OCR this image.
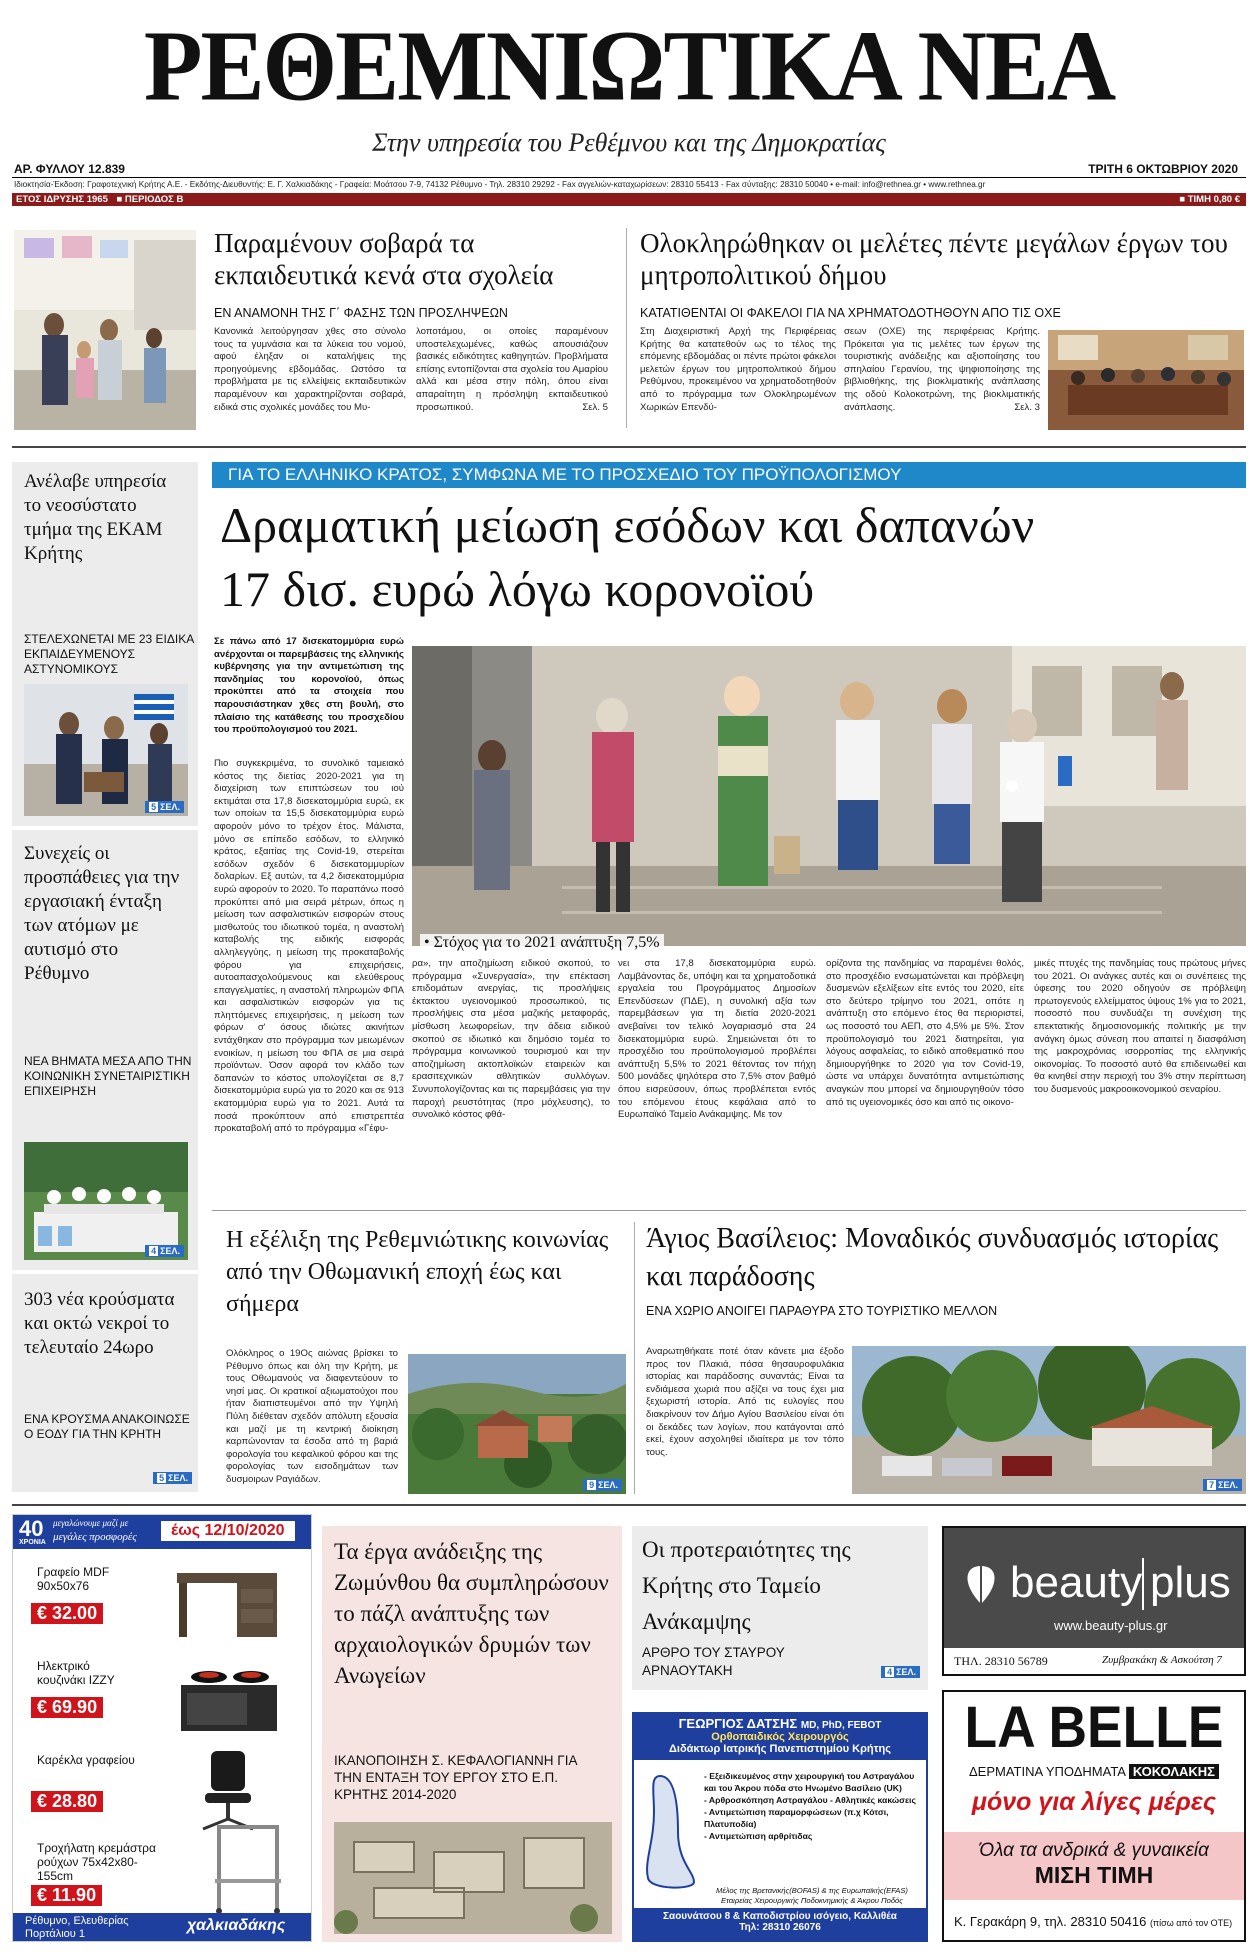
ΡΕΘΕΜΝΙΩΤΙΚΑ ΝΕΑ
Στην υπηρεσία του Ρεθέμνου και της Δημοκρατίας
ΑΡ. ΦΥΛΛΟΥ 12.839	ΤΡΙΤΗ 6 ΟΚΤΩΒΡΙΟΥ 2020
Ιδιοκτησία-Έκδοση: Γραφοτεχνική Κρήτης Α.Ε. - Εκδότης-Διευθυντής: Ε. Γ. Χαλκιαδάκης - Γραφεία: Μοάτσου 7-9, 74132 Ρέθυμνο - Τηλ. 28310 29292 - Fax αγγελιών-καταχωρίσεων: 28310 55413 - Fax σύνταξης: 28310 50040 • e-mail: info@rethnea.gr • www.rethnea.gr
ΕΤΟΣ ΙΔΡΥΣΗΣ 1965 ■ ΠΕΡΙΟΔΟΣ Β	■ ΤΙΜΗ 0,80 €
Παραμένουν σοβαρά τα εκπαιδευτικά κενά στα σχολεία
ΕΝ ΑΝΑΜΟΝΗ ΤΗΣ Γ΄ ΦΑΣΗΣ ΤΩΝ ΠΡΟΣΛΗΨΕΩΝ
Κανονικά λειτούργησαν χθες στο σύνολο τους τα γυμνάσια και τα λύκεια του νομού, αφού έληξαν οι καταλήψεις της προηγούμενης εβδομάδας. Ωστόσο τα προβλήματα με τις ελλείψεις εκπαιδευτικών παραμένουν και χαρακτηρίζονται σοβαρά, ειδικά στις σχολικές μονάδες του Μυ-
λοποτάμου, οι οποίες παραμένουν υποστελεχωμένες, καθώς απουσιάζουν βασικές ειδικότητες καθηγητών. Προβλήματα επίσης εντοπίζονται στα σχολεία του Αμαρίου αλλά και μέσα στην πόλη, όπου είναι απαραίτητη η πρόσληψη εκπαιδευτικού προσωπικού.	Σελ. 5
Ολοκληρώθηκαν οι μελέτες πέντε μεγάλων έργων του μητροπολιτικού δήμου
ΚΑΤΑΤΙΘΕΝΤΑΙ ΟΙ ΦΑΚΕΛΟΙ ΓΙΑ ΝΑ ΧΡΗΜΑΤΟΔΟΤΗΘΟΥΝ ΑΠΟ ΤΙΣ ΟΧΕ
Στη Διαχειριστική Αρχή της Περιφέρειας Κρήτης θα κατατεθούν ως το τέλος της επόμενης εβδομάδας οι πέντε πρώτοι φάκελοι μελετών έργων του μητροπολιτικού δήμου Ρεθύμνου, προκειμένου να χρηματοδοτηθούν από το πρόγραμμα των Ολοκληρωμένων Χωρικών Επενδύ-
σεων (ΟΧΕ) της περιφέρειας Κρήτης. Πρόκειται για τις μελέτες των έργων της τουριστικής ανάδειξης και αξιοποίησης του σπηλαίου Γερανίου, της ψηφιοποίησης της βιβλιοθήκης, της βιοκλιματικής ανάπλασης της οδού Κολοκοτρώνη, της βιοκλιματικής ανάπλασης.	Σελ. 3
Ανέλαβε υπηρεσία το νεοσύστατο τμήμα της ΕΚΑΜ Κρήτης
ΣΤΕΛΕΧΩΝΕΤΑΙ ΜΕ 23 ΕΙΔΙΚΑ ΕΚΠΑΙΔΕΥΜΕΝΟΥΣ ΑΣΤΥΝΟΜΙΚΟΥΣ
5 ΣΕΛ.
Συνεχείς οι προσπάθειες για την εργασιακή ένταξη των ατόμων με αυτισμό στο Ρέθυμνο
ΝΕΑ ΒΗΜΑΤΑ ΜΕΣΑ ΑΠΟ ΤΗΝ ΚΟΙΝΩΝΙΚΗ ΣΥΝΕΤΑΙΡΙΣΤΙΚΗ ΕΠΙΧΕΙΡΗΣΗ
4 ΣΕΛ.
303 νέα κρούσματα και οκτώ νεκροί το τελευταίο 24ωρο
ΕΝΑ ΚΡΟΥΣΜΑ ΑΝΑΚΟΙΝΩΣΕ Ο ΕΟΔΥ ΓΙΑ ΤΗΝ ΚΡΗΤΗ
5 ΣΕΛ.
ΓΙΑ ΤΟ ΕΛΛΗΝΙΚΟ ΚΡΑΤΟΣ, ΣΥΜΦΩΝΑ ΜΕ ΤΟ ΠΡΟΣΧΕΔΙΟ ΤΟΥ ΠΡΟΫΠΟΛΟΓΙΣΜΟΥ
Δραματική μείωση εσόδων και δαπανών
17 δισ. ευρώ λόγω κορονοϊού
Σε πάνω από 17 δισεκατομμύρια ευρώ ανέρχονται οι παρεμβάσεις της ελληνικής κυβέρνησης για την αντιμετώπιση της πανδημίας του κορονοϊού, όπως προκύπτει από τα στοιχεία που παρουσιάστηκαν χθες στη βουλή, στο πλαίσιο της κατάθεσης του προσχεδίου του προϋπολογισμού του 2021.
Πιο συγκεκριμένα, το συνολικό ταμειακό κόστος της διετίας 2020-2021 για τη διαχείριση των επιπτώσεων του ιού εκτιμάται στα 17,8 δισεκατομμύρια ευρώ, εκ των οποίων τα 15,5 δισεκατομμύρια ευρώ αφορούν μόνο το τρέχον έτος. Μάλιστα, μόνο σε επίπεδο εσόδων, το ελληνικό κράτος, εξαιτίας της Covid-19, στερείται εσόδων σχεδόν 6 δισεκατομμυρίων δολαρίων. Εξ αυτών, τα 4,2 δισεκατομμύρια ευρώ αφορούν το 2020. Το παραπάνω ποσό προκύπτει από μια σειρά μέτρων, όπως η μείωση των ασφαλιστικών εισφορών στους μισθωτούς του ιδιωτικού τομέα, η αναστολή καταβολής της ειδικής εισφοράς αλληλεγγύης, η μείωση της προκαταβολής φόρου για επιχειρήσεις, αυτοαπασχολούμενους και ελεύθερους επαγγελματίες, η αναστολή πληρωμών ΦΠΑ και ασφαλιστικών εισφορών για τις πληττόμενες επιχειρήσεις, η μείωση των φόρων σ' όσους ιδιώτες ακινήτων εντάχθηκαν στο πρόγραμμα των μειωμένων ενοικίων, η μείωση του ΦΠΑ σε μια σειρά προϊόντων. Όσον αφορά τον κλάδο των δαπανών το κόστος υπολογίζεται σε 8,7 δισεκατομμύρια ευρώ για το 2020 και σε 913 εκατομμύρια ευρώ για το 2021. Αυτά τα ποσά προκύπτουν από επιστρεπτέα προκαταβολή από το πρόγραμμα «Γέφυ-
• Στόχος για το 2021 ανάπτυξη 7,5%
ρα», την αποζημίωση ειδικού σκοπού, το πρόγραμμα «Συνεργασία», την επέκταση επιδομάτων ανεργίας, τις προσλήψεις έκτακτου υγειονομικού προσωπικού, τις προσλήψεις στα μέσα μαζικής μεταφοράς, μίσθωση λεωφορείων, την άδεια ειδικού σκοπού σε ιδιωτικό και δημόσιο τομέα το πρόγραμμα κοινωνικού τουρισμού και την αποζημίωση ακτοπλοϊκών εταιρειών και ερασιτεχνικών αθλητικών συλλόγων. Συνυπολογίζοντας και τις παρεμβάσεις για την παροχή ρευστότητας (προ μόχλευσης), το συνολικό κόστος φθά-
νει στα 17,8 δισεκατομμύρια ευρώ. Λαμβάνοντας δε, υπόψη και τα χρηματοδοτικά εργαλεία του Προγράμματος Δημοσίων Επενδύσεων (ΠΔΕ), η συνολική αξία των παρεμβάσεων για τη διετία 2020-2021 ανεβαίνει τον τελικό λογαριασμό στα 24 δισεκατομμύρια ευρώ. Σημειώνεται ότι το προσχέδιο του προϋπολογισμού προβλέπει ανάπτυξη 5,5% το 2021 θέτοντας τον πήχη 500 μονάδες ψηλότερα στο 7,5% στον βαθμό όπου εισρεύσουν, όπως προβλέπεται εντός του επόμενου έτους κεφάλαια από το Ευρωπαϊκό Ταμείο Ανάκαμψης. Με τον
ορίζοντα της πανδημίας να παραμένει θολός, στο προσχέδιο ενσωματώνεται και πρόβλεψη δυσμενών εξελίξεων είτε εντός του 2020, είτε στο δεύτερο τρίμηνο του 2021, οπότε η ανάπτυξη στο επόμενο έτος θα περιοριστεί, ως ποσοστό του ΑΕΠ, στο 4,5% με 5%. Στον προϋπολογισμό του 2021 διατηρείται, για λόγους ασφαλείας, το ειδικό αποθεματικό που δημιουργήθηκε το 2020 για τον Covid-19, ώστε να υπάρχει δυνατότητα αντιμετώπισης αναγκών που μπορεί να δημιουργηθούν τόσο από τις υγειονομικές όσο και από τις οικονο-
μικές πτυχές της πανδημίας τους πρώτους μήνες του 2021. Οι ανάγκες αυτές και οι συνέπειες της ύφεσης του 2020 οδηγούν σε πρόβλεψη πρωτογενούς ελλείμματος ύψους 1% για το 2021, ποσοστό που συνδυάζει τη συνέχιση της επεκτατικής δημοσιονομικής πολιτικής με την ανάγκη όμως σύνεση που απαιτεί η διασφάλιση της μακροχρόνιας ισορροπίας της ελληνικής οικονομίας. Το ποσοστό αυτό θα επιδεινωθεί και θα κινηθεί στην περιοχή του 3% στην περίπτωση του δυσμενούς μακροοικονομικού σεναρίου.
Η εξέλιξη της Ρεθεμνιώτικης κοινωνίας από την Οθωμανική εποχή έως και σήμερα
Ολόκληρος ο 19Ος αιώνας βρίσκει το Ρέθυμνο όπως και όλη την Κρήτη, με τους Οθωμανούς να διαφεντεύουν το νησί μας. Οι κρατικοί αξιωματούχοι που ήταν διαπιστευμένοι από την Υψηλή Πύλη διέθεταν σχεδόν απόλυτη εξουσία και μαζί με τη κεντρική διοίκηση καρπώνονταν τα έσοδα από τη βαριά φορολογία του κεφαλικού φόρου και της φορολογίας των εισοδημάτων των δυσμοιρων Ραγιάδων.
9 ΣΕΛ.
Άγιος Βασίλειος: Μοναδικός συνδυασμός ιστορίας και παράδοσης
ΕΝΑ ΧΩΡΙΟ ΑΝΟΙΓΕΙ ΠΑΡΑΘΥΡΑ ΣΤΟ ΤΟΥΡΙΣΤΙΚΟ ΜΕΛΛΟΝ
Αναρωτηθήκατε ποτέ όταν κάνετε μια έξοδο προς τον Πλακιά, πόσα θησαυροφυλάκια ιστορίας και παράδοσης συναντάς; Είναι τα ενδιάμεσα χωριά που αξίζει να τους έχει μια ξεχωριστή ιστορία. Από τις ευλογίες που διακρίνουν τον Δήμο Αγίου Βασιλείου είναι ότι οι δεκάδες των λογίων, που κατάγονται από εκεί, έχουν ασχοληθεί ιδιαίτερα με τον τόπο τους.
7 ΣΕΛ.
40
ΧΡΟΝΙΑ
μεγαλώνουμε μαζί με
μεγάλες προσφορές	έως 12/10/2020
Γραφείο MDF 90x50x76
€ 32.00
Ηλεκτρικό κουζινάκι IZZY
€ 69.90
Καρέκλα γραφείου
€ 28.80
Τροχήλατη κρεμάστρα ρούχων 75x42x80-155cm
€ 11.90
Ρέθυμνο, Ελευθερίας Πορτάλιου 1	χαλκιαδάκης
Τα έργα ανάδειξης της Ζωμύνθου θα συμπληρώσουν το πάζλ ανάπτυξης των αρχαιολογικών δρυμών των Ανωγείων
ΙΚΑΝΟΠΟΙΗΣΗ Σ. ΚΕΦΑΛΟΓΙΑΝΝΗ ΓΙΑ ΤΗΝ ΕΝΤΑΞΗ ΤΟΥ ΕΡΓΟΥ ΣΤΟ Ε.Π. ΚΡΗΤΗΣ 2014-2020
Οι προτεραιότητες της Κρήτης στο Ταμείο Ανάκαμψης
ΑΡΘΡΟ ΤΟΥ ΣΤΑΥΡΟΥ ΑΡΝΑΟΥΤΑΚΗ	4 ΣΕΛ.
ΓΕΩΡΓΙΟΣ ΔΑΤΣΗΣ MD, PhD, FEBOT
Ορθοπαιδικός Χειρουργός
Διδάκτωρ Ιατρικής Πανεπιστημίου Κρήτης
- Εξειδικευμένος στην χειρουργική του Αστραγάλου και του Άκρου πόδα στο Ηνωμένο Βασίλειο (UK)
- Αρθροσκόπηση Αστραγάλου - Αθλητικές κακώσεις
- Αντιμετώπιση παραμορφώσεων (π.χ Κότσι, Πλατυποδία)
- Αντιμετώπιση αρθρίτιδας
Μέλος της Βρετανικής(BOFAS) & της Ευρωπαϊκής(EFAS) Εταιρείας Χειρουργικής Ποδοκνημικής & Άκρου Ποδός
Σαουνάτσου 8 & Καποδιστρίου ισόγειο, Καλλιθέα
Τηλ: 28310 26076
beauty plus
www.beauty-plus.gr
ΤΗΛ. 28310 56789	Ζυμβρακάκη & Ασκούτση 7
LA BELLE
ΔΕΡΜΑΤΙΝΑ ΥΠΟΔΗΜΑΤΑ ΚΟΚΟΛΑΚΗΣ
μόνο για λίγες μέρες
Όλα τα ανδρικά & γυναικεία
ΜΙΣΗ ΤΙΜΗ
Κ. Γερακάρη 9, τηλ. 28310 50416 (πίσω από τον ΟΤΕ)
